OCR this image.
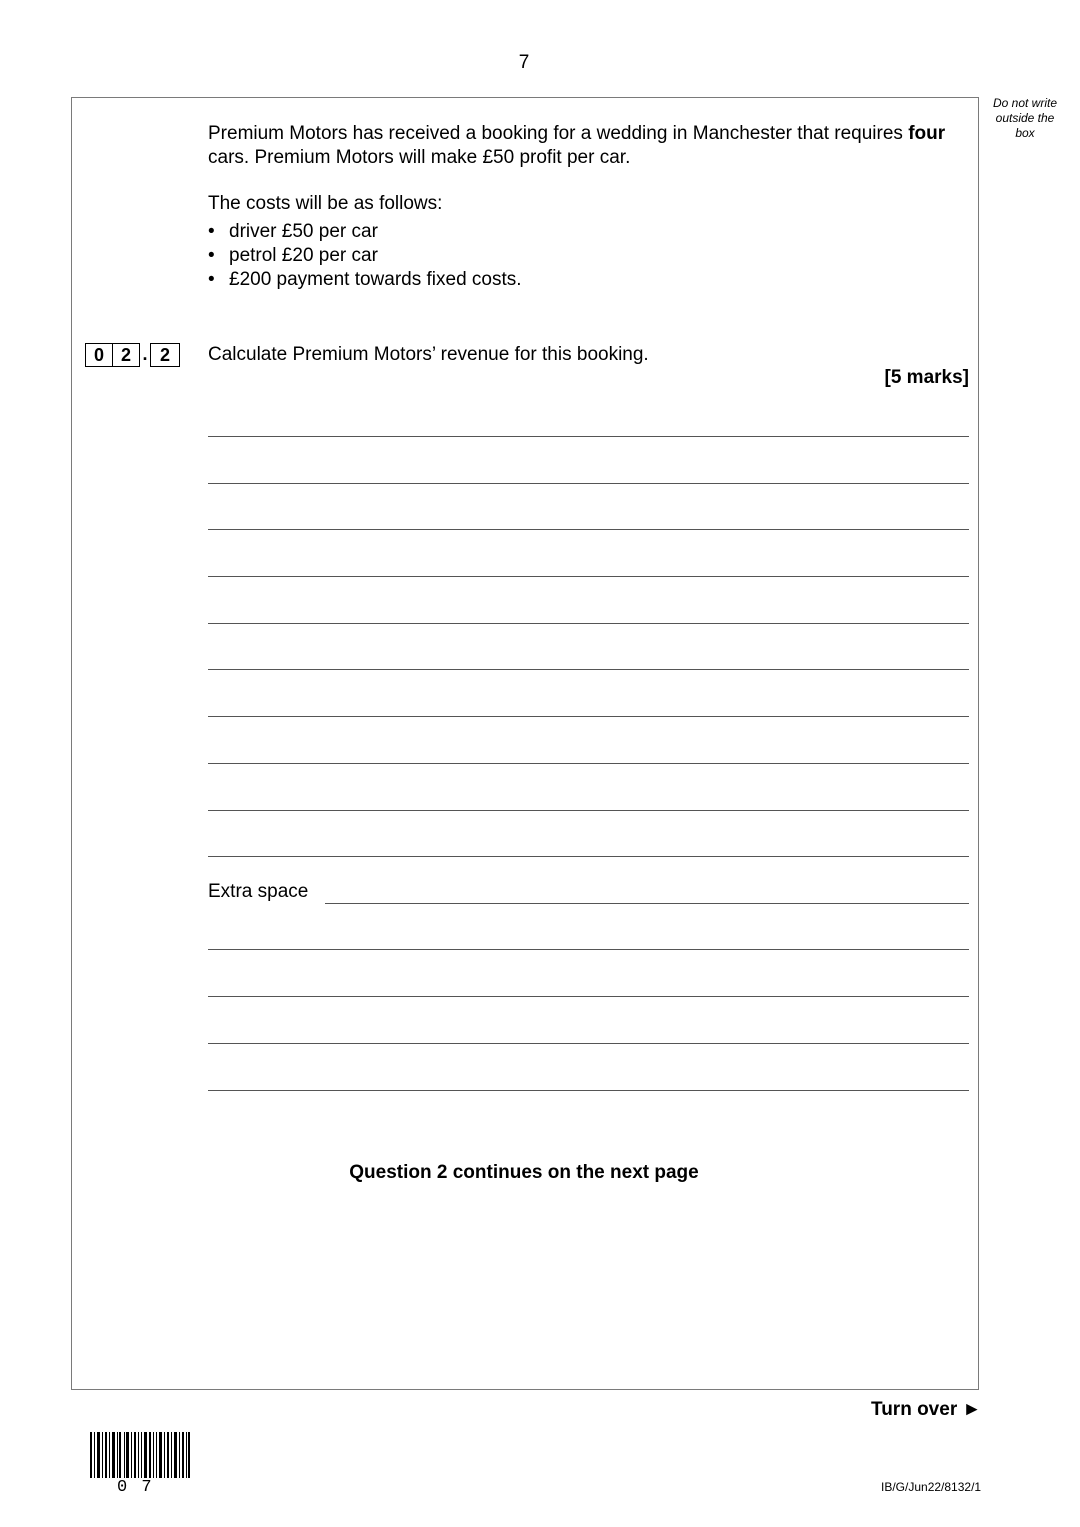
7
Do not write
outside the
box
Premium Motors has received a booking for a wedding in Manchester that requires four cars. Premium Motors will make £50 profit per car.
The costs will be as follows:
• driver £50 per car
• petrol £20 per car
• £200 payment towards fixed costs.
0 2 . 2	Calculate Premium Motors’ revenue for this booking.
[5 marks]
Extra space
Question 2 continues on the next page
Turn over ►
0 7	IB/G/Jun22/8132/1
